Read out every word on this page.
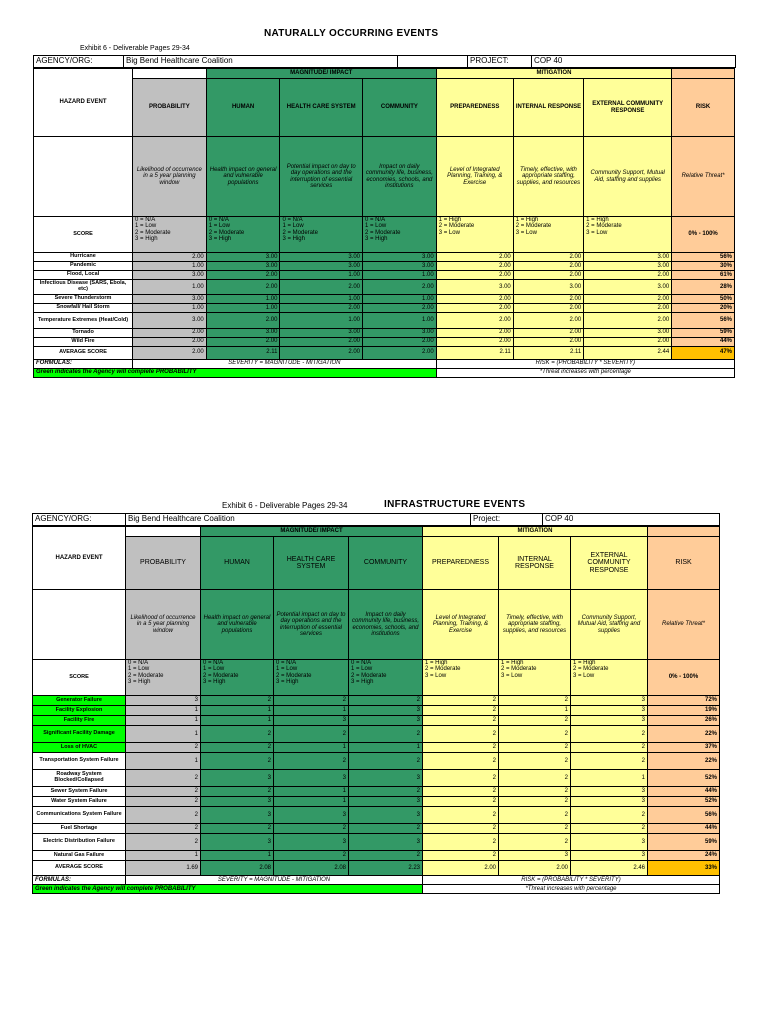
NATURALLY OCCURRING EVENTS
Exhibit 6 - Deliverable Pages 29-34
AGENCY/ORG:	Big Bend Healthcare Coalition		PROJECT:	COP 40
HAZARD EVENT		MAGNITUDE/ IMPACT			MITIGATION			
	PROBABILITY	HUMAN	HEALTH CARE SYSTEM	COMMUNITY	PREPAREDNESS	INTERNAL RESPONSE	EXTERNAL COMMUNITY RESPONSE	RISK
	Likelihood of occurrence in a 5 year planning window	Health impact on general and vulnerable populations	Potential impact on day to day operations and the interruption of essential services	Impact on daily community life, business, economies, schools, and institutions	Level of Integrated Planning, Training, & Exercise	Timely, effective, with appropriate staffing, supplies, and resources	Community Support, Mutual Aid, staffing and supplies	Relative Threat*
SCORE	0 = N/A
1 = Low
2 = Moderate
3 = High	0 = N/A
1 = Low
2 = Moderate
3 = High	0 = N/A
1 = Low
2 = Moderate
3 = High	0 = N/A
1 = Low
2 = Moderate
3 = High	1 = High
2 = Moderate
3 = Low	1 = High
2 = Moderate
3 = Low	1 = High
2 = Moderate
3 = Low	0% - 100%
Hurricane	2.00	3.00	3.00	3.00	2.00	2.00	3.00	56%
Pandemic	1.00	3.00	3.00	3.00	2.00	2.00	3.00	30%
Flood, Local	3.00	2.00	1.00	1.00	2.00	2.00	2.00	61%
Infectious Disease (SARS, Ebola, etc)	1.00	2.00	2.00	2.00	3.00	3.00	3.00	28%
Severe Thunderstorm	3.00	1.00	1.00	1.00	2.00	2.00	2.00	50%
Snowfall/ Hail Storm	1.00	1.00	2.00	2.00	2.00	2.00	2.00	20%
Temperature Extremes (Heat/Cold)	3.00	2.00	1.00	1.00	2.00	2.00	2.00	56%
Tornado	2.00	3.00	3.00	3.00	2.00	2.00	3.00	59%
Wild Fire	2.00	2.00	2.00	2.00	2.00	2.00	2.00	44%
AVERAGE SCORE	2.00	2.11	2.00	2.00	2.11	2.11	2.44	47%
FORMULAS:	SEVERITY = MAGNITUDE - MITIGATION				RISK = (PROBABILITY * SEVERITY)			
Green indicates the Agency will complete PROBABILITY					*Threat increases with percentage			
Exhibit 6 - Deliverable Pages 29-34	INFRASTRUCTURE EVENTS
AGENCY/ORG:	Big Bend Healthcare Coalition	Project:	COP 40
HAZARD EVENT		MAGNITUDE/ IMPACT			MITIGATION			
	PROBABILITY	HUMAN	HEALTH CARE SYSTEM	COMMUNITY	PREPAREDNESS	INTERNAL RESPONSE	EXTERNAL COMMUNITY RESPONSE	RISK
	Likelihood of occurrence in a 5 year planning window	Health impact on general and vulnerable populations	Potential impact on day to day operations and the interruption of essential services	Impact on daily community life, business, economies, schools, and institutions	Level of Integrated Planning, Training, & Exercise	Timely, effective, with appropriate staffing, supplies, and resources	Community Support, Mutual Aid, staffing and supplies	Relative Threat*
SCORE	0 = N/A
1 = Low
2 = Moderate
3 = High	0 = N/A
1 = Low
2 = Moderate
3 = High	0 = N/A
1 = Low
2 = Moderate
3 = High	0 = N/A
1 = Low
2 = Moderate
3 = High	1 = High
2 = Moderate
3 = Low	1 = High
2 = Moderate
3 = Low	1 = High
2 = Moderate
3 = Low	0% - 100%
Generator Failure	3	2	2	2	2	2	3	72%
Facility Explosion	1	1	1	3	2	1	3	19%
Facility Fire	1	1	3	3	2	2	3	26%
Significant Facility Damage	1	2	2	2	2	2	2	22%
Loss of HVAC	2	2	1	1	2	2	2	37%
Transportation System Failure	1	2	2	2	2	2	2	22%
Roadway System Blocked/Collapsed	2	3	3	3	2	2	1	52%
Sewer System Failure	2	2	1	2	2	2	3	44%
Water System Failure	2	3	1	3	2	2	3	52%
Communications System Failure	2	3	3	3	2	2	2	56%
Fuel Shortage	2	2	2	2	2	2	2	44%
Electric Distribution Failure	2	3	3	3	2	2	3	59%
Natural Gas Failure	1	1	2	2	2	3	3	24%
AVERAGE SCORE	1.69	2.08	2.08	2.23	2.00	2.00	2.46	33%
FORMULAS:	SEVERITY = MAGNITUDE - MITIGATION				RISK = (PROBABILITY * SEVERITY)			
Green indicates the Agency will complete PROBABILITY					*Threat increases with percentage			
